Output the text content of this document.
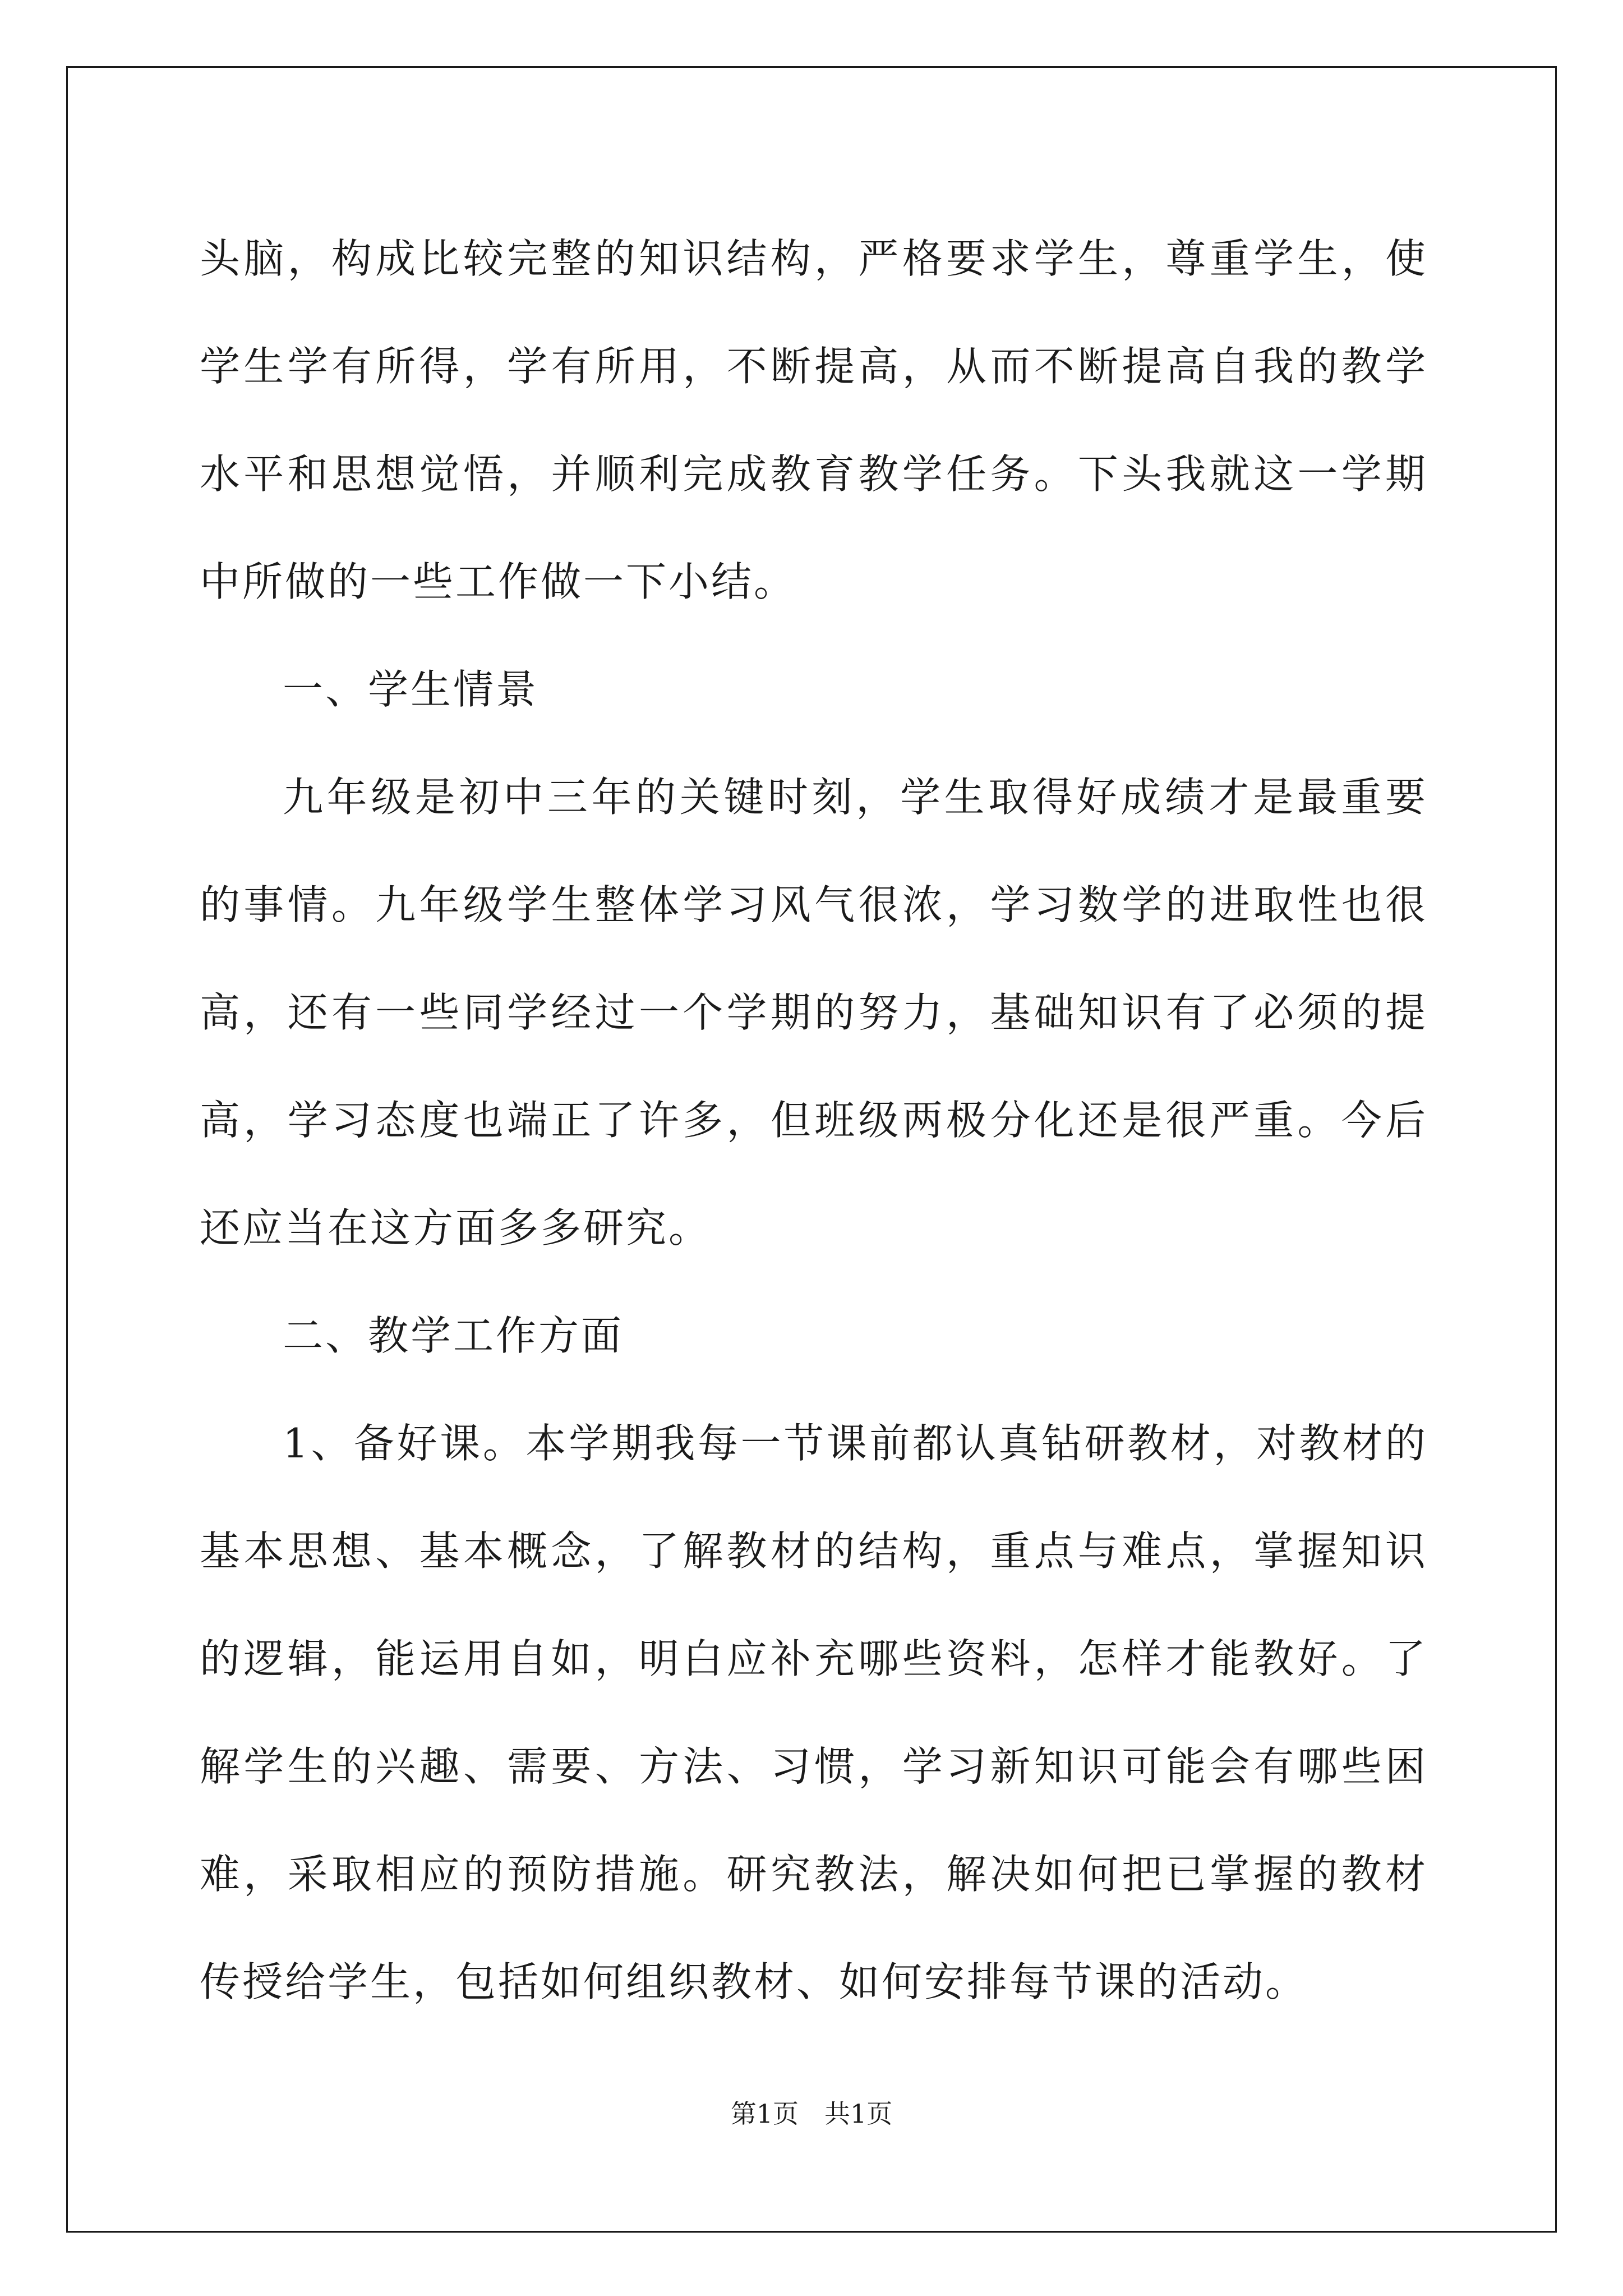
头脑，构成比较完整的知识结构，严格要求学生，尊重学生，使学生学有所得，学有所用，不断提高，从而不断提高自我的教学水平和思想觉悟，并顺利完成教育教学任务。下头我就这一学期中所做的一些工作做一下小结。

一、学生情景

九年级是初中三年的关键时刻，学生取得好成绩才是最重要的事情。九年级学生整体学习风气很浓，学习数学的进取性也很高，还有一些同学经过一个学期的努力，基础知识有了必须的提高，学习态度也端正了许多，但班级两极分化还是很严重。今后还应当在这方面多多研究。

二、教学工作方面

1、备好课。本学期我每一节课前都认真钻研教材，对教材的基本思想、基本概念，了解教材的结构，重点与难点，掌握知识的逻辑，能运用自如，明白应补充哪些资料，怎样才能教好。了解学生的兴趣、需要、方法、习惯，学习新知识可能会有哪些困难，采取相应的预防措施。研究教法，解决如何把已掌握的教材传授给学生，包括如何组织教材、如何安排每节课的活动。

第1页　共1页
